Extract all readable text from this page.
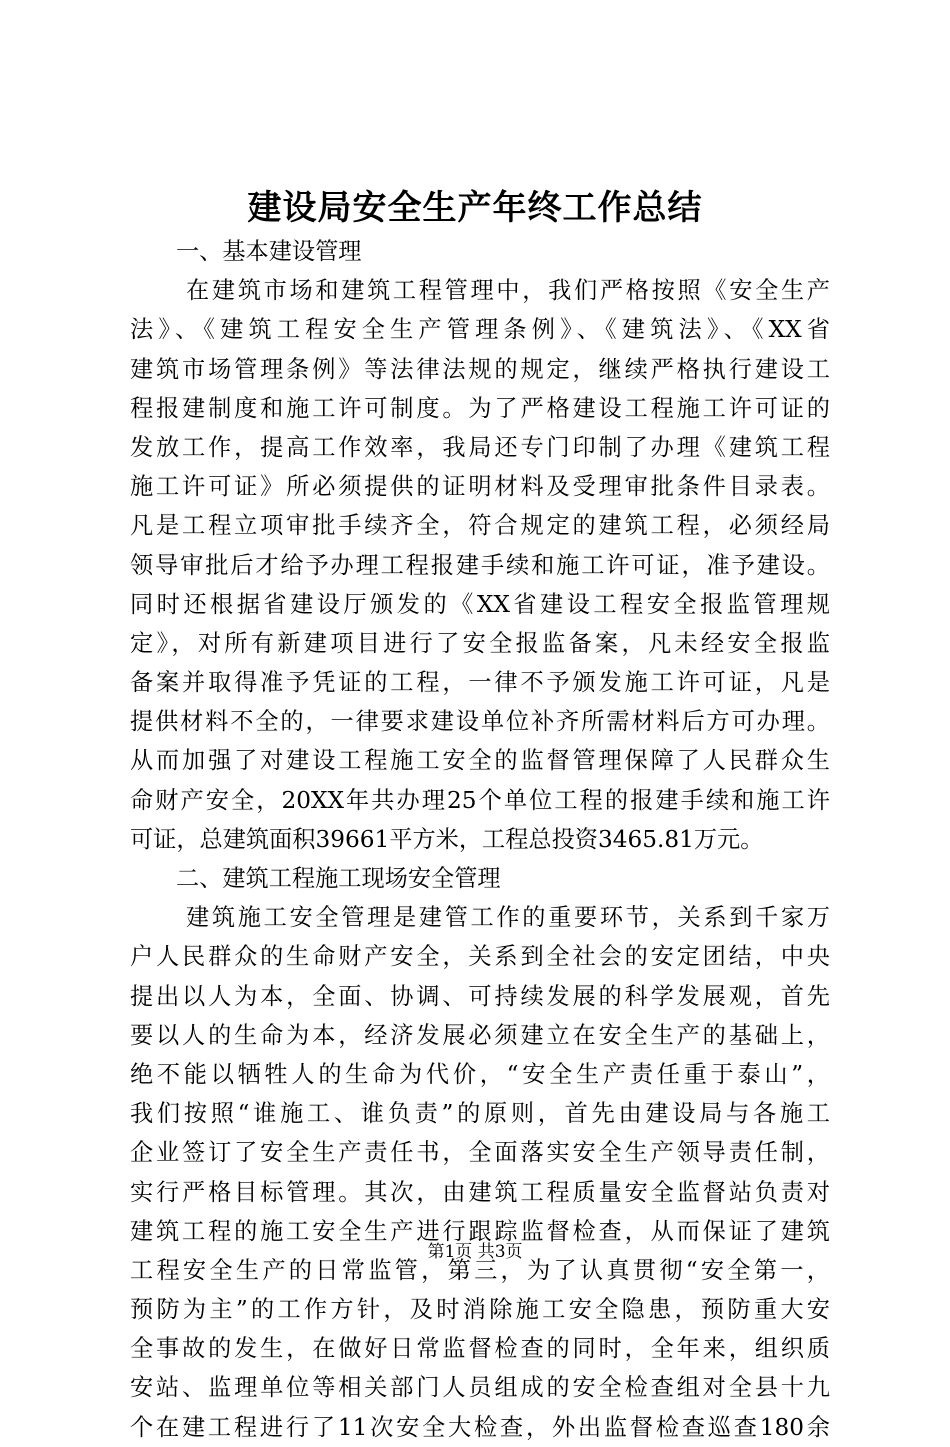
建设局安全生产年终工作总结
一、基本建设管理
在建筑市场和建筑工程管理中，我们严格按照《安全生产
法》、《建筑工程安全生产管理条例》、《建筑法》、《XX省
建筑市场管理条例》等法律法规的规定，继续严格执行建设工
程报建制度和施工许可制度。为了严格建设工程施工许可证的
发放工作，提高工作效率，我局还专门印制了办理《建筑工程
施工许可证》所必须提供的证明材料及受理审批条件目录表。
凡是工程立项审批手续齐全，符合规定的建筑工程，必须经局
领导审批后才给予办理工程报建手续和施工许可证，准予建设。
同时还根据省建设厅颁发的《XX省建设工程安全报监管理规
定》，对所有新建项目进行了安全报监备案，凡未经安全报监
备案并取得准予凭证的工程，一律不予颁发施工许可证，凡是
提供材料不全的，一律要求建设单位补齐所需材料后方可办理。
从而加强了对建设工程施工安全的监督管理保障了人民群众生
命财产安全，20XX年共办理25个单位工程的报建手续和施工许
可证，总建筑面积39661平方米，工程总投资3465.81万元。
二、建筑工程施工现场安全管理
建筑施工安全管理是建管工作的重要环节，关系到千家万
户人民群众的生命财产安全，关系到全社会的安定团结，中央
提出以人为本，全面、协调、可持续发展的科学发展观，首先
要以人的生命为本，经济发展必须建立在安全生产的基础上，
绝不能以牺牲人的生命为代价，“安全生产责任重于泰山”，
我们按照“谁施工、谁负责”的原则，首先由建设局与各施工
企业签订了安全生产责任书，全面落实安全生产领导责任制，
实行严格目标管理。其次，由建筑工程质量安全监督站负责对
建筑工程的施工安全生产进行跟踪监督检查，从而保证了建筑
工程安全生产的日常监管，第三，为了认真贯彻“安全第一，
预防为主”的工作方针，及时消除施工安全隐患，预防重大安
全事故的发生，在做好日常监督检查的同时，全年来，组织质
安站、监理单位等相关部门人员组成的安全检查组对全县十九
个在建工程进行了11次安全大检查，外出监督检查巡查180余
第1页 共3页
